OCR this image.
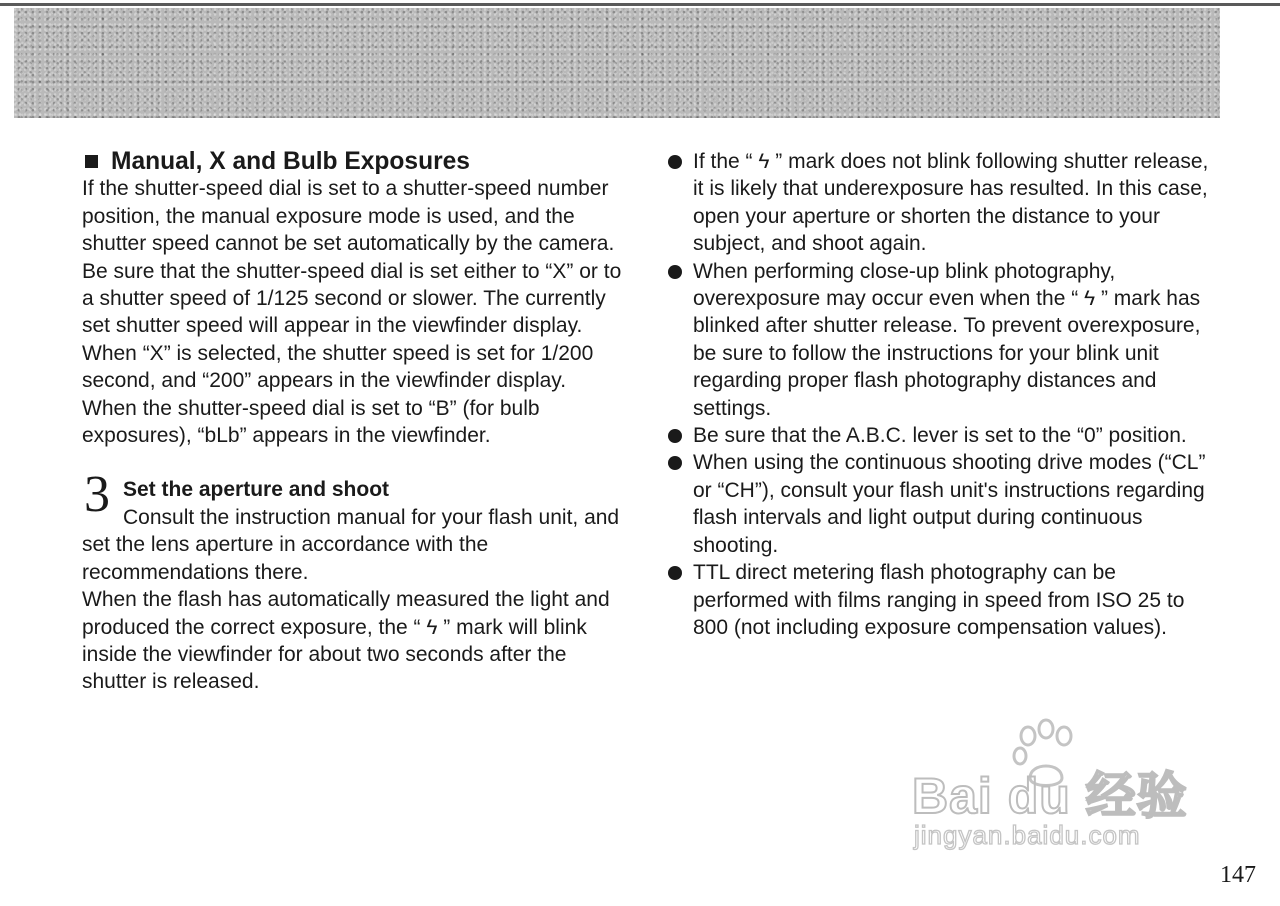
Manual, X and Bulb Exposures

If the shutter-speed dial is set to a shutter-speed number position, the manual exposure mode is used, and the shutter speed cannot be set automatically by the camera. Be sure that the shutter-speed dial is set either to “X” or to a shutter speed of 1/125 second or slower. The currently set shutter speed will appear in the viewfinder display.

When “X” is selected, the shutter speed is set for 1/200 second, and “200” appears in the viewfinder display. When the shutter-speed dial is set to “B” (for bulb exposures), “bLb” appears in the viewfinder.

3 Set the aperture and shoot

Consult the instruction manual for your flash unit, and set the lens aperture in accordance with the recommendations there.

When the flash has automatically measured the light and produced the correct exposure, the “ ϟ ” mark will blink inside the viewfinder for about two seconds after the shutter is released.

If the “ ϟ ” mark does not blink following shutter release, it is likely that underexposure has resulted. In this case, open your aperture or shorten the distance to your subject, and shoot again.
When performing close-up blink photography, overexposure may occur even when the “ ϟ ” mark has blinked after shutter release. To prevent overexposure, be sure to follow the instructions for your blink unit regarding proper flash photography distances and settings.
Be sure that the A.B.C. lever is set to the “0” position.
When using the continuous shooting drive modes (“CL” or “CH”), consult your flash unit's instructions regarding flash intervals and light output during continuous shooting.
TTL direct metering flash photography can be performed with films ranging in speed from ISO 25 to 800 (not including exposure compensation values).
Bai du 经验
jingyan.baidu.com
147
